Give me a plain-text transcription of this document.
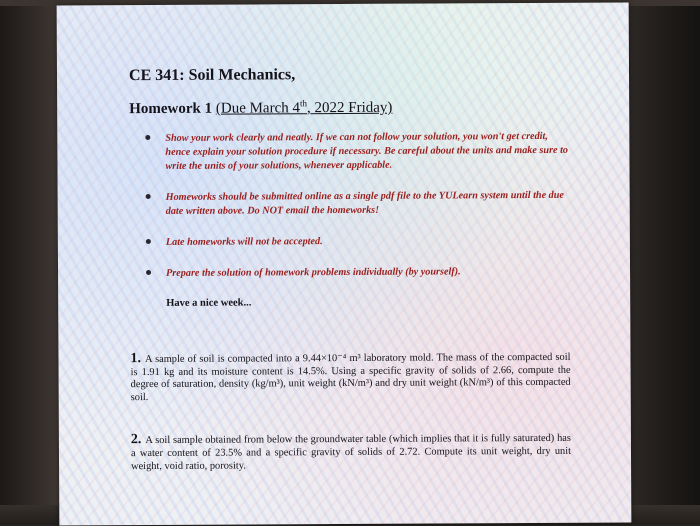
CE 341: Soil Mechanics,

Homework 1 (Due March 4th, 2022 Friday)

Show your work clearly and neatly. If we can not follow your solution, you won't get credit, hence explain your solution procedure if necessary. Be careful about the units and make sure to write the units of your solutions, whenever applicable.
Homeworks should be submitted online as a single pdf file to the YULearn system until the due date written above. Do NOT email the homeworks!
Late homeworks will not be accepted.
Prepare the solution of homework problems individually (by yourself).

Have a nice week...

1. A sample of soil is compacted into a 9.44×10⁻⁴ m³ laboratory mold. The mass of the compacted soil is 1.91 kg and its moisture content is 14.5%. Using a specific gravity of solids of 2.66, compute the degree of saturation, density (kg/m³), unit weight (kN/m³) and dry unit weight (kN/m³) of this compacted soil.

2. A soil sample obtained from below the groundwater table (which implies that it is fully saturated) has a water content of 23.5% and a specific gravity of solids of 2.72. Compute its unit weight, dry unit weight, void ratio, porosity.
